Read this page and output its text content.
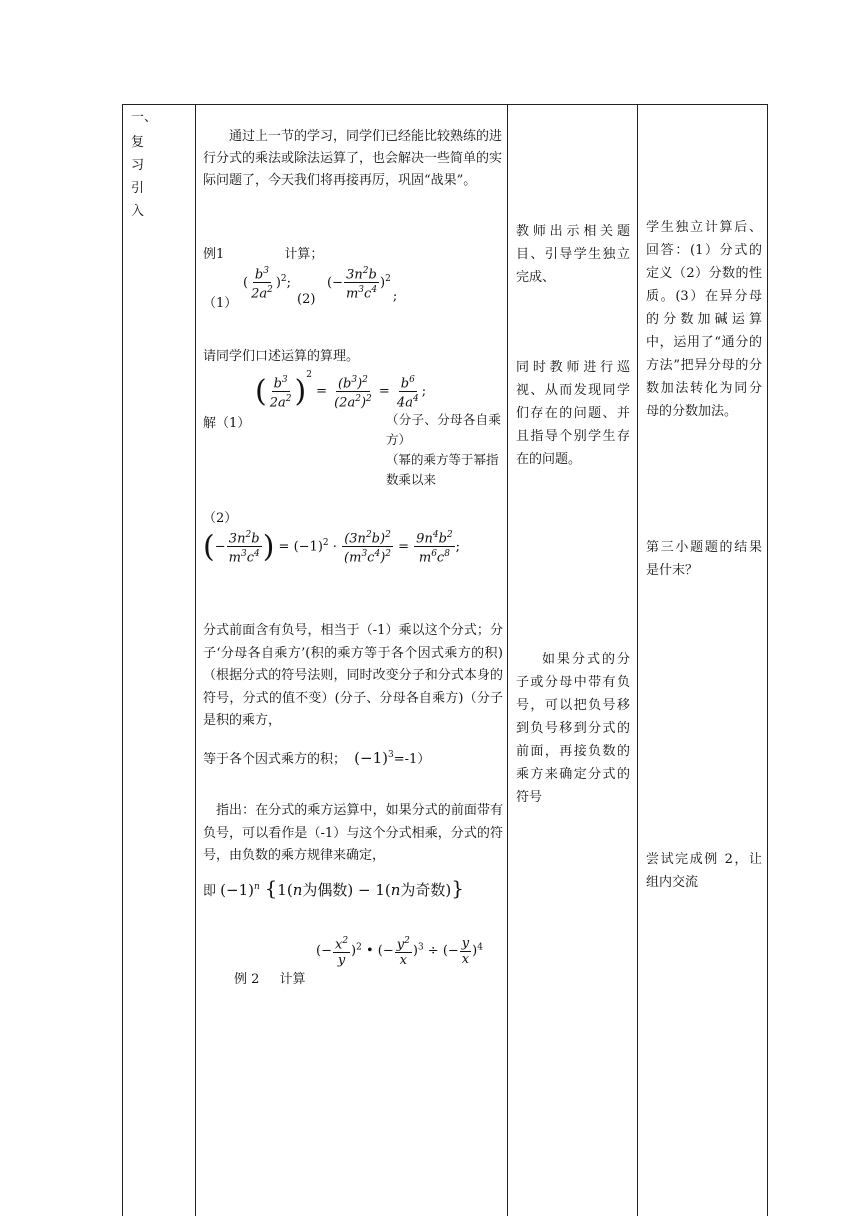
一、
复
习
引
入
通过上一节的学习，同学们已经能比较熟练的进行分式的乘法或除法运算了，也会解决一些简单的实际问题了，今天我们将再接再厉，巩固“战果”。
例1	计算；
（1）
( $\frac{b^3}{2a^2} )^2$;
(2)
(− $\frac{3n^2b}{m^3c^4} )^2$;
请同学们口述运算的算理。
解（1）
( $\frac{b^3}{2a^2} )^2 = \frac{(b^3)^2}{(2a^2)^2} = \frac{b^6}{4a^4}$ ;
（分子、分母各自乘方）
（幂的乘方等于幂指数乘以来
（2）
(− $\frac{3n^2b}{m^3c^4}$ ) = $(-1)^2 \cdot \frac{(3n^2b)^2}{(m^3c^4)^2} = \frac{9n^4b^2}{m^6c^8}$ ;
分式前面含有负号，相当于（-1）乘以这个分式；分子‘分母各自乘方’(积的乘方等于各个因式乘方的积)（根据分式的符号法则，同时改变分子和分式本身的符号，分式的值不变）(分子、分母各自乘方)（分子是积的乘方，
等于各个因式乘方的积； $(-1)^3=-1$）
指出：在分式的乘方运算中，如果分式的前面带有负号，可以看作是（-1）与这个分式相乘，分式的符号，由负数的乘方规律来确定，
即 $(-1)^n$ {1(n为偶数) − 1(n为奇数)}
例 2 计算
(− $\frac{x^2}{y} )^2$ • (− $\frac{y^2}{x} )^3$ ÷ (− $\frac{y}{x} )^4$
教师出示相关题目、引导学生独立完成、
同时教师进行巡视、从而发现同学们存在的问题、并且指导个别学生存在的问题。
如果分式的分子或分母中带有负号，可以把负号移到负号移到分式的前面，再接负数的乘方来确定分式的符号
学生独立计算后、回答：(1）分式的定义（2）分数的性质。(3）在异分母的分数加碱运算中，运用了“通分的方法”把异分母的分数加法转化为同分母的分数加法。
第三小题题的结果是什末？
尝试完成例 2，让组内交流
